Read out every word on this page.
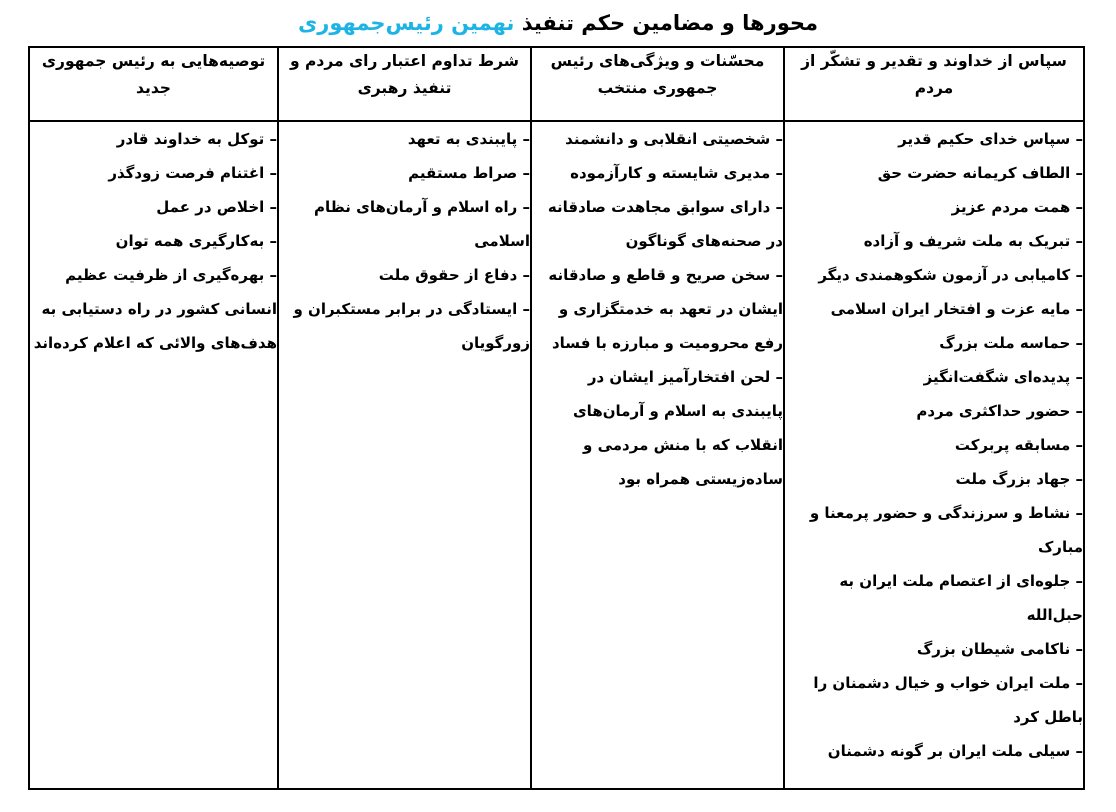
محورها و مضامین حکم تنفیذ نهمین رئیس‌جمهوری
سپاس از خداوند و تقدیر و تشکّر از مردم	محسّنات و ویژگی‌های رئیس جمهوری منتخب	شرط تداوم اعتبار رای مردم و تنفیذ رهبری	توصیه‌هایی به رئیس جمهوری جدید

– سپاس خدای حکیم قدیر
– الطاف کریمانه حضرت حق
– همت مردم عزیز
– تبریک به ملت شریف و آزاده
– کامیابی در آزمون شکوهمندی دیگر
– مایه عزت و افتخار ایران اسلامی
– حماسه ملت بزرگ
– پدیده‌ای شگفت‌انگیز
– حضور حداکثری مردم
– مسابقه پربرکت
– جهاد بزرگ ملت
– نشاط و سرزندگی و حضور پرمعنا و مبارک
– جلوه‌ای از اعتصام ملت ایران به حبل‌الله
– ناکامی شیطان بزرگ
– ملت ایران خواب و خیال دشمنان را باطل کرد
– سیلی ملت ایران بر گونه دشمنان

– شخصیتی انقلابی و دانشمند
– مدیری شایسته و کارآزموده
– دارای سوابق مجاهدت صادقانه در صحنه‌های گوناگون
– سخن صریح و قاطع و صادقانه ایشان در تعهد به خدمتگزاری و رفع محرومیت و مبارزه با فساد
– لحن افتخارآمیز ایشان در پایبندی به اسلام و آرمان‌های انقلاب که با منش مردمی و ساده‌زیستی همراه بود

– پایبندی به تعهد
– صراط مستقیم
– راه اسلام و آرمان‌های نظام اسلامی
– دفاع از حقوق ملت
– ایستادگی در برابر مستکبران و زورگویان

– توکل به خداوند قادر
– اغتنام فرصت زودگذر
– اخلاص در عمل
– به‌کارگیری همه توان
– بهره‌گیری از ظرفیت عظیم انسانی کشور در راه دستیابی به هدف‌های والائی که اعلام کرده‌اند
